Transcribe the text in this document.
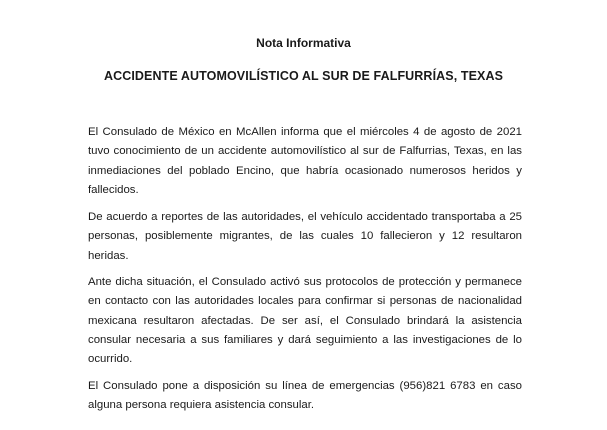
Nota Informativa
ACCIDENTE AUTOMOVILÍSTICO AL SUR DE FALFURRÍAS, TEXAS

El Consulado de México en McAllen informa que el miércoles 4 de agosto de 2021 tuvo conocimiento de un accidente automovilístico al sur de Falfurrias, Texas, en las inmediaciones del poblado Encino, que habría ocasionado numerosos heridos y fallecidos.

De acuerdo a reportes de las autoridades, el vehículo accidentado transportaba a 25 personas, posiblemente migrantes, de las cuales 10 fallecieron y 12 resultaron heridas.

Ante dicha situación, el Consulado activó sus protocolos de protección y permanece en contacto con las autoridades locales para confirmar si personas de nacionalidad mexicana resultaron afectadas. De ser así, el Consulado brindará la asistencia consular necesaria a sus familiares y dará seguimiento a las investigaciones de lo ocurrido.

El Consulado pone a disposición su línea de emergencias (956)821 6783 en caso alguna persona requiera asistencia consular.
